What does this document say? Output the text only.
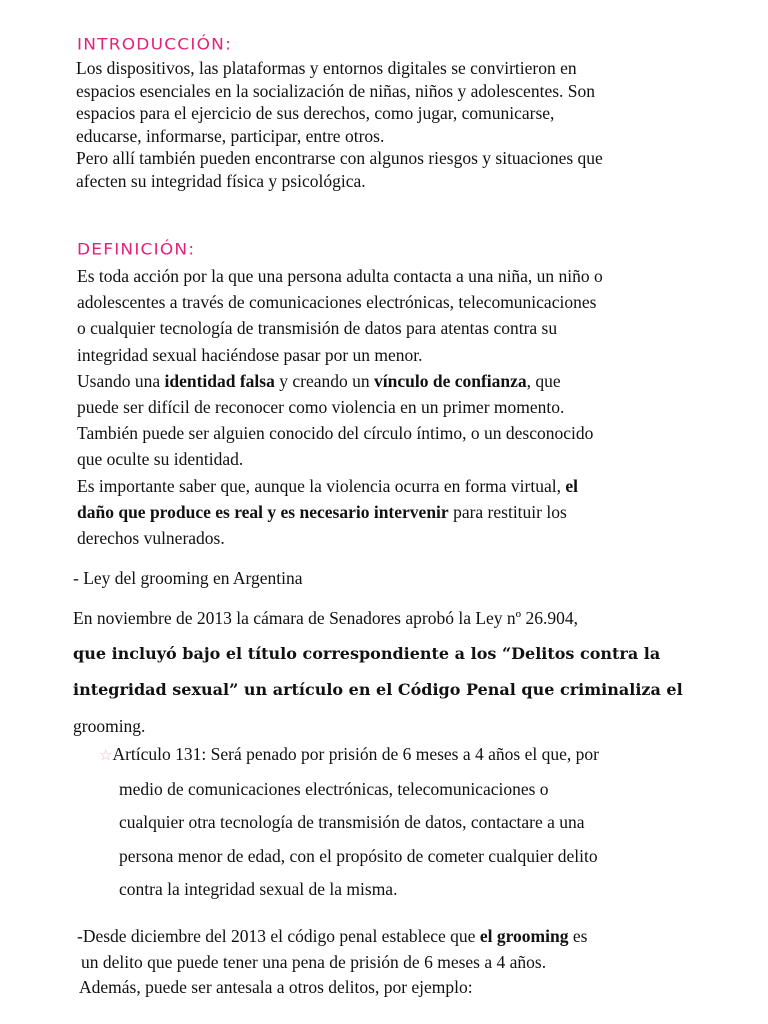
INTRODUCCIÓN:

Los dispositivos, las plataformas y entornos digitales se convirtieron en

espacios esenciales en la socialización de niñas, niños y adolescentes. Son

espacios para el ejercicio de sus derechos, como jugar, comunicarse,

educarse, informarse, participar, entre otros.

Pero allí también pueden encontrarse con algunos riesgos y situaciones que

afecten su integridad física y psicológica.

DEFINICIÓN:

Es toda acción por la que una persona adulta contacta a una niña, un niño o

adolescentes a través de comunicaciones electrónicas, telecomunicaciones

o cualquier tecnología de transmisión de datos para atentas contra su

integridad sexual haciéndose pasar por un menor.

Usando una identidad falsa y creando un vínculo de confianza, que

puede ser difícil de reconocer como violencia en un primer momento.

También puede ser alguien conocido del círculo íntimo, o un desconocido

que oculte su identidad.

Es importante saber que, aunque la violencia ocurra en forma virtual, el

daño que produce es real y es necesario intervenir para restituir los

derechos vulnerados.

- Ley del grooming en Argentina

En noviembre de 2013 la cámara de Senadores aprobó la Ley nº 26.904,

que incluyó bajo el título correspondiente a los “Delitos contra la

integridad sexual” un artículo en el Código Penal que criminaliza el

grooming.

☆Artículo 131: Será penado por prisión de 6 meses a 4 años el que, por

medio de comunicaciones electrónicas, telecomunicaciones o

cualquier otra tecnología de transmisión de datos, contactare a una

persona menor de edad, con el propósito de cometer cualquier delito

contra la integridad sexual de la misma.

-Desde diciembre del 2013 el código penal establece que el grooming es

un delito que puede tener una pena de prisión de 6 meses a 4 años.

Además, puede ser antesala a otros delitos, por ejemplo:
